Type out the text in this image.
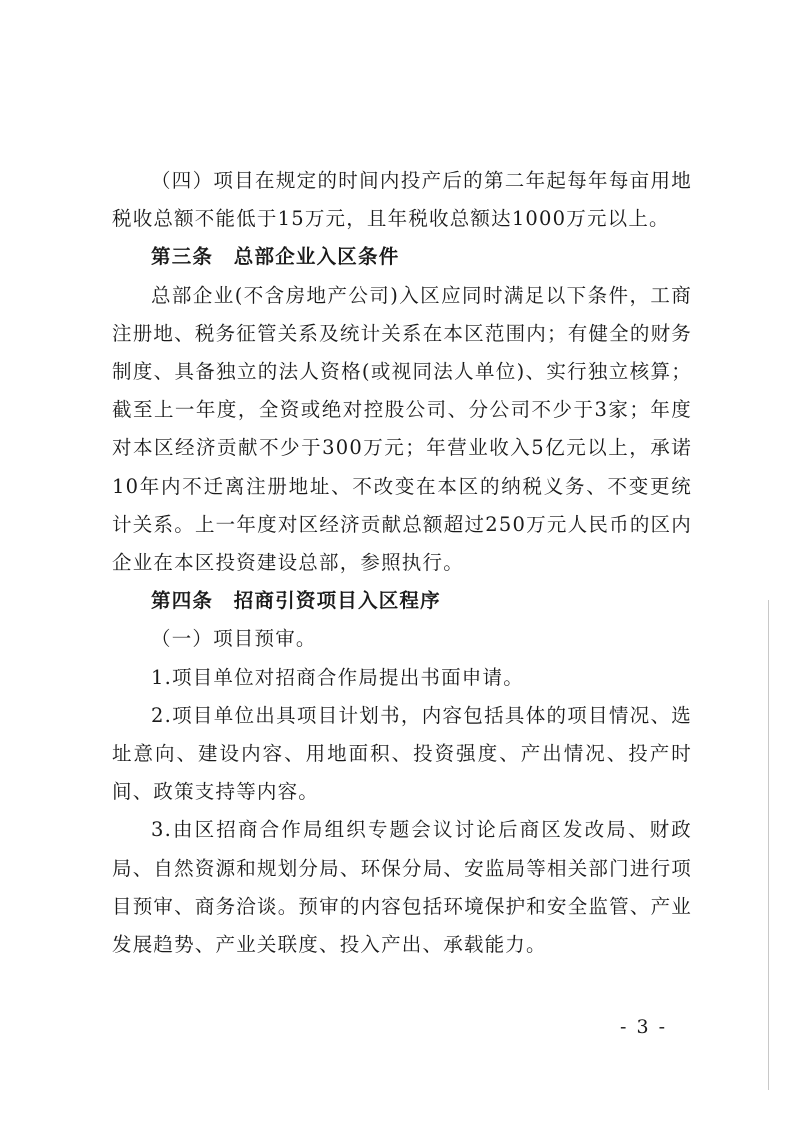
（四）项目在规定的时间内投产后的第二年起每年每亩用地税收总额不能低于15万元，且年税收总额达1000万元以上。

第三条　总部企业入区条件

总部企业(不含房地产公司)入区应同时满足以下条件，工商注册地、税务征管关系及统计关系在本区范围内；有健全的财务制度、具备独立的法人资格(或视同法人单位)、实行独立核算；截至上一年度，全资或绝对控股公司、分公司不少于3家；年度对本区经济贡献不少于300万元；年营业收入5亿元以上，承诺10年内不迁离注册地址、不改变在本区的纳税义务、不变更统计关系。上一年度对区经济贡献总额超过250万元人民币的区内企业在本区投资建设总部，参照执行。

第四条　招商引资项目入区程序

（一）项目预审。

1.项目单位对招商合作局提出书面申请。

2.项目单位出具项目计划书，内容包括具体的项目情况、选址意向、建设内容、用地面积、投资强度、产出情况、投产时间、政策支持等内容。

3.由区招商合作局组织专题会议讨论后商区发改局、财政局、自然资源和规划分局、环保分局、安监局等相关部门进行项目预审、商务洽谈。预审的内容包括环境保护和安全监管、产业发展趋势、产业关联度、投入产出、承载能力。

- 3 -
